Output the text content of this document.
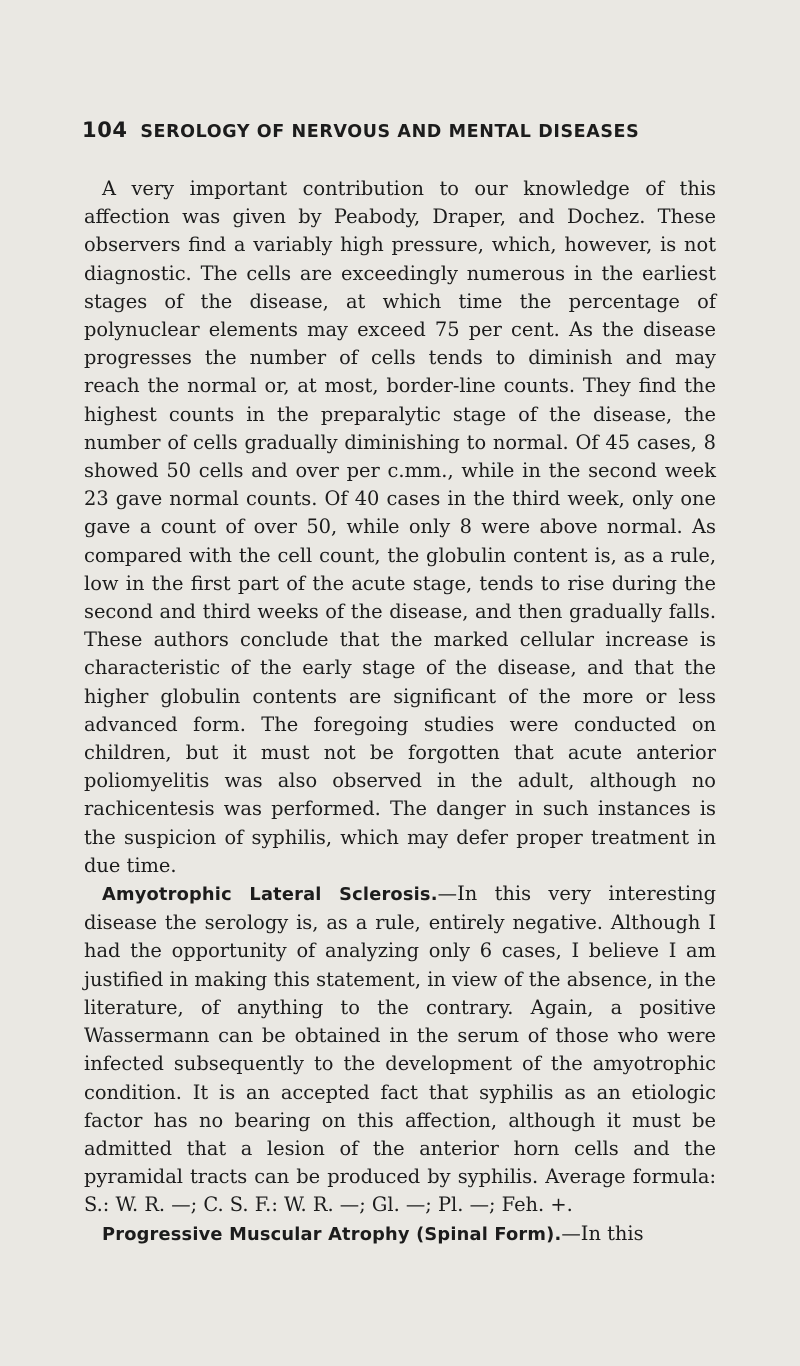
104 SEROLOGY OF NERVOUS AND MENTAL DISEASES

A very important contribution to our knowledge of this affection was given by Peabody, Draper, and Dochez. These observers find a variably high pressure, which, however, is not diagnostic. The cells are exceedingly numerous in the earliest stages of the disease, at which time the percentage of polynuclear elements may exceed 75 per cent. As the disease progresses the number of cells tends to diminish and may reach the normal or, at most, border-line counts. They find the highest counts in the preparalytic stage of the disease, the number of cells gradually diminishing to normal. Of 45 cases, 8 showed 50 cells and over per c.mm., while in the second week 23 gave normal counts. Of 40 cases in the third week, only one gave a count of over 50, while only 8 were above normal. As compared with the cell count, the globulin content is, as a rule, low in the first part of the acute stage, tends to rise during the second and third weeks of the disease, and then gradually falls. These authors conclude that the marked cellular increase is characteristic of the early stage of the disease, and that the higher globulin contents are significant of the more or less advanced form. The foregoing studies were conducted on children, but it must not be forgotten that acute anterior poliomyelitis was also observed in the adult, although no rachicentesis was performed. The danger in such instances is the suspicion of syphilis, which may defer proper treatment in due time.

Amyotrophic Lateral Sclerosis.—In this very interesting disease the serology is, as a rule, entirely negative. Although I had the opportunity of analyzing only 6 cases, I believe I am justified in making this statement, in view of the absence, in the literature, of anything to the contrary. Again, a positive Wassermann can be obtained in the serum of those who were infected subsequently to the development of the amyotrophic condition. It is an accepted fact that syphilis as an etiologic factor has no bearing on this affection, although it must be admitted that a lesion of the anterior horn cells and the pyramidal tracts can be produced by syphilis. Average formula: S.: W. R. —; C. S. F.: W. R. —; Gl. —; Pl. —; Feh. +.

Progressive Muscular Atrophy (Spinal Form).—In this
